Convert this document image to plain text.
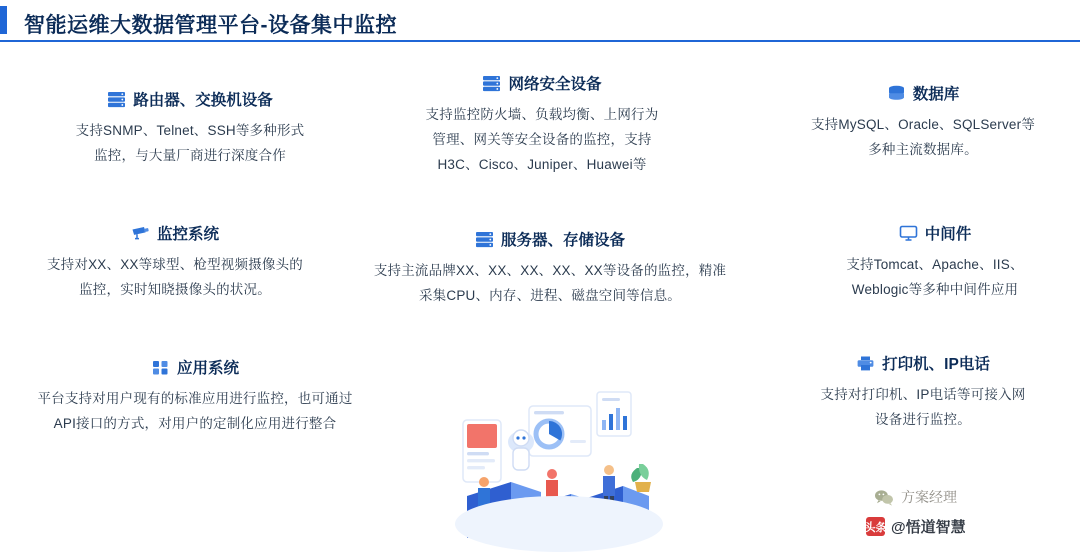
智能运维大数据管理平台-设备集中监控
路由器、交换机设备
支持SNMP、Telnet、SSH等多种形式
监控，与大量厂商进行深度合作
网络安全设备
支持监控防火墙、负载均衡、上网行为
管理、网关等安全设备的监控，支持
H3C、Cisco、Juniper、Huawei等
数据库
支持MySQL、Oracle、SQLServer等
多种主流数据库。
监控系统
支持对XX、XX等球型、枪型视频摄像头的
监控，实时知晓摄像头的状况。
服务器、存储设备
支持主流品牌XX、XX、XX、XX、XX等设备的监控，精准
采集CPU、内存、进程、磁盘空间等信息。
中间件
支持Tomcat、Apache、IIS、
Weblogic等多种中间件应用
应用系统
平台支持对用户现有的标准应用进行监控，也可通过
API接口的方式，对用户的定制化应用进行整合
打印机、IP电话
支持对打印机、IP电话等可接入网
设备进行监控。
方案经理
头条 @悟道智慧
